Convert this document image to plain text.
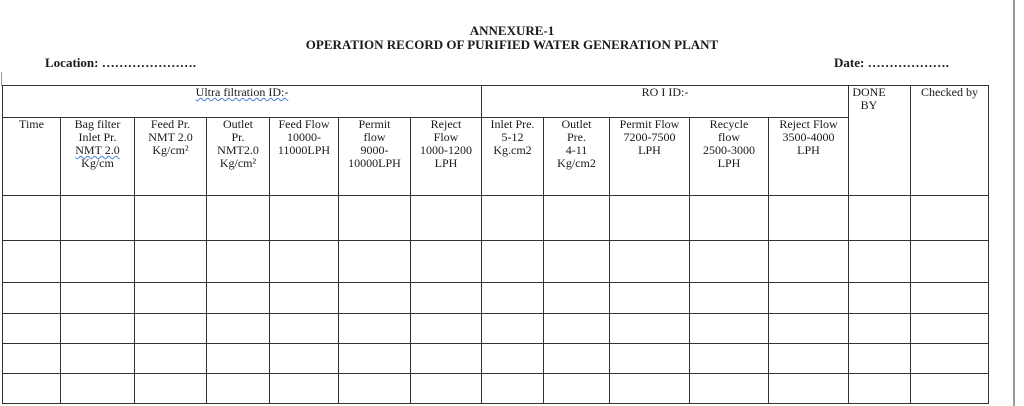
ANNEXURE-1
OPERATION RECORD OF PURIFIED WATER GENERATION PLANT
Location: ………………….	Date: ……………….
Ultra filtration ID:-							RO I ID:-					DONE BY	Checked by

Time	Bag filter
Inlet Pr.
NMT 2.0
Kg/cm	Feed Pr.
NMT 2.0
Kg/cm²	Outlet
Pr.
NMT2.0
Kg/cm²	Feed Flow
10000-
11000LPH	Permit
flow
9000-
10000LPH	Reject
Flow
1000-1200
LPH	Inlet Pre.
5-12
Kg.cm2	Outlet
Pre.
4-11
Kg/cm2	Permit Flow
7200-7500
LPH	Recycle
flow
2500-3000
LPH	Reject Flow
3500-4000
LPH		
